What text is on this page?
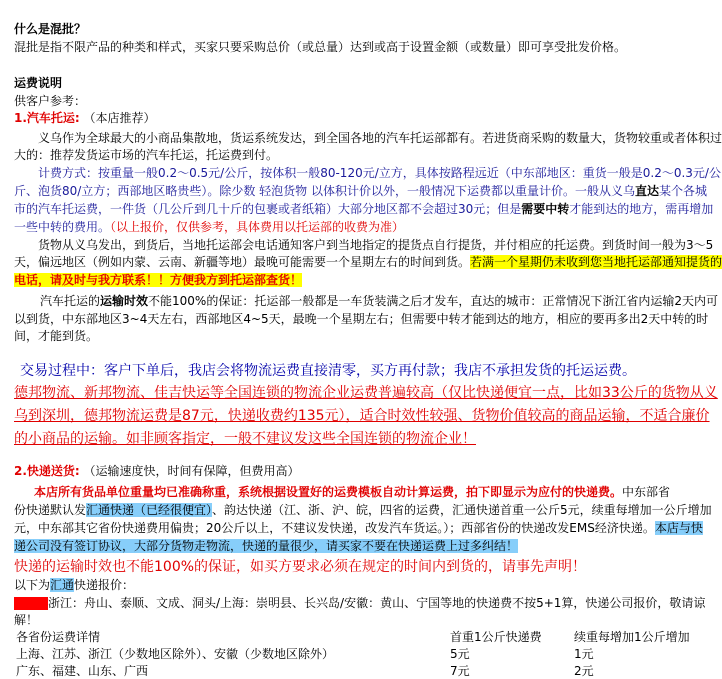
什么是混批？
混批是指不限产品的种类和样式，买家只要采购总价（或总量）达到或高于设置金额（或数量）即可享受批发价格。
运费说明
供客户参考：
1.汽车托运: （本店推荐）
义乌作为全球最大的小商品集散地，货运系统发达，到全国各地的汽车托运部都有。若进货商采购的数量大，货物较重或者体积过
大的：推荐发货运市场的汽车托运，托运费到付。
计费方式：按重量一般0.2～0.5元/公斤，按体积一般80-120元/立方，具体按路程远近（中东部地区：重货一般是0.2～0.3元/公
斤、泡货80/立方；西部地区略贵些）。除少数 轻泡货物 以体积计价以外，一般情况下运费都以重量计价。一般从义乌直达某个各城
市的汽车托运费，一件货（几公斤到几十斤的包裹或者纸箱）大部分地区都不会超过30元；但是需要中转才能到达的地方，需再增加
一些中转的费用。（以上报价，仅供参考，具体费用以托运部的收费为准）
货物从义乌发出，到货后，当地托运部会电话通知客户到当地指定的提货点自行提货，并付相应的托运费。到货时间一般为3～5
天，偏远地区（例如内蒙、云南、新疆等地）最晚可能需要一个星期左右的时间到货。若满一个星期仍未收到您当地托运部通知提货的
电话，请及时与我方联系！！方便我方到托运部查货！
汽车托运的运输时效不能100%的保证：托运部一般都是一车货装满之后才发车，直达的城市：正常情况下浙江省内运输2天内可
以到货，中东部地区3~4天左右，西部地区4~5天，最晚一个星期左右；但需要中转才能到达的地方，相应的要再多出2天中转的时
间，才能到货。
交易过程中：客户下单后，我店会将物流运费直接清零，买方再付款；我店不承担发货的托运运费。
德邦物流、新邦物流、佳吉快运等全国连锁的物流企业运费普遍较高（仅比快递便宜一点，比如33公斤的货物从义
乌到深圳，德邦物流运费是87元，快递收费约135元），适合时效性较强、货物价值较高的商品运输，不适合廉价
的小商品的运输。如非顾客指定，一般不建议发这些全国连锁的物流企业！
2.快递送货: （运输速度快，时间有保障，但费用高）
本店所有货品单位重量均已准确称重，系统根据设置好的运费模板自动计算运费，拍下即显示为应付的快递费。中东部省
份快递默认发汇通快递（已经很便宜）、韵达快递（江、浙、沪、皖，四省的运费，汇通快递首重一公斤5元，续重每增加一公斤增加
元，中东部其它省份快递费用偏贵；20公斤以上，不建议发快递，改发汽车货运。）；西部省份的快递改发EMS经济快递。本店与快
递公司没有签订协议，大部分货物走物流，快递的量很少，请买家不要在快递运费上过多纠结！
快递的运输时效也不能100%的保证，如买方要求必须在规定的时间内到货的，请事先声明！
以下为汇通快递报价：
浙江：舟山、泰顺、文成、洞头/上海：崇明县、长兴岛/安徽：黄山、宁国等地的快递费不按5+1算，快递公司报价，敬请谅
解！
各省份运费详情	首重1公斤快递费	续重每增加1公斤增加
上海、江苏、浙江（少数地区除外）、安徽（少数地区除外）	5元	1元
广东、福建、山东、广西	7元	2元
